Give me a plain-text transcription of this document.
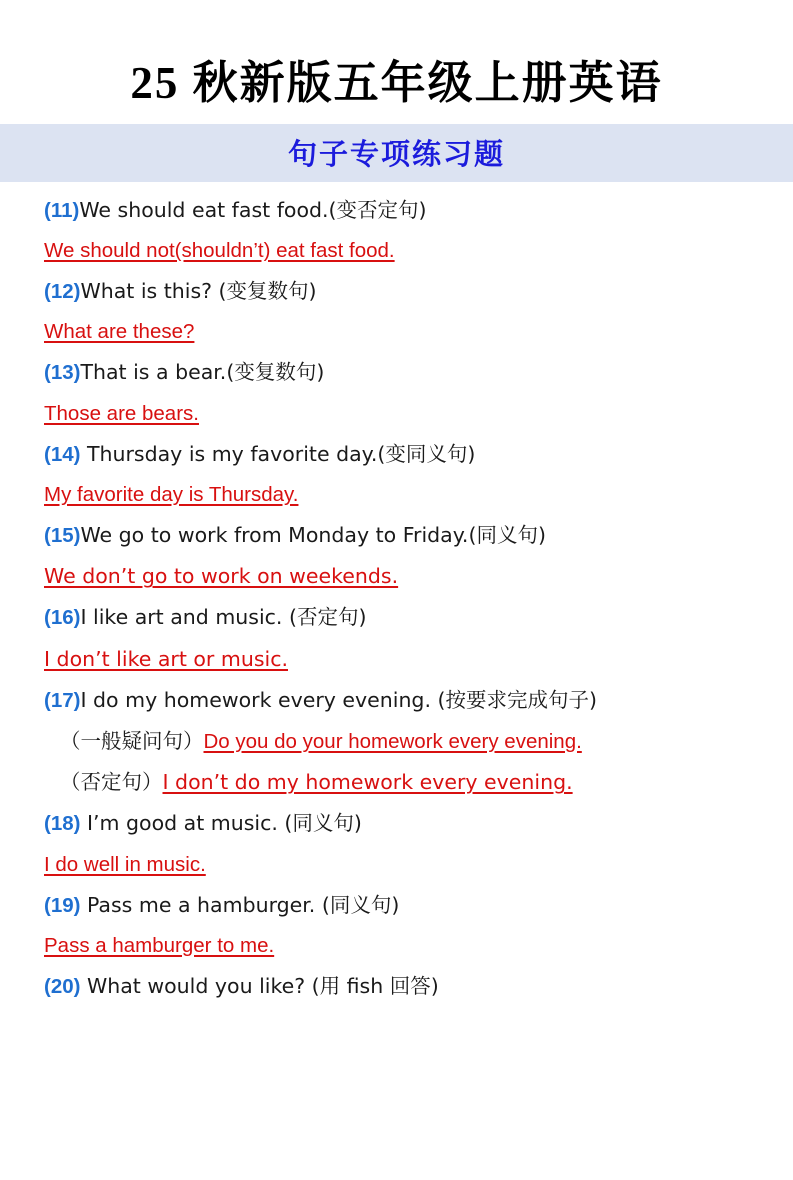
25 秋新版五年级上册英语
句子专项练习题
(11)We should eat fast food.(变否定句)
We should not(shouldn’t) eat fast food.
(12)What is this? (变复数句)
What are these?
(13)That is a bear.(变复数句)
Those are bears.
(14) Thursday is my favorite day.(变同义句)
My favorite day is Thursday.
(15)We go to work from Monday to Friday.(同义句)
We don’t go to work on weekends.
(16)I like art and music. (否定句)
I don’t like art or music.
(17)I do my homework every evening. (按要求完成句子)
（一般疑问句）Do you do your homework every evening.
（否定句）I don’t do my homework every evening.
(18) I’m good at music. (同义句)
I do well in music.
(19) Pass me a hamburger. (同义句)
Pass a hamburger to me.
(20) What would you like? (用 fish 回答)
